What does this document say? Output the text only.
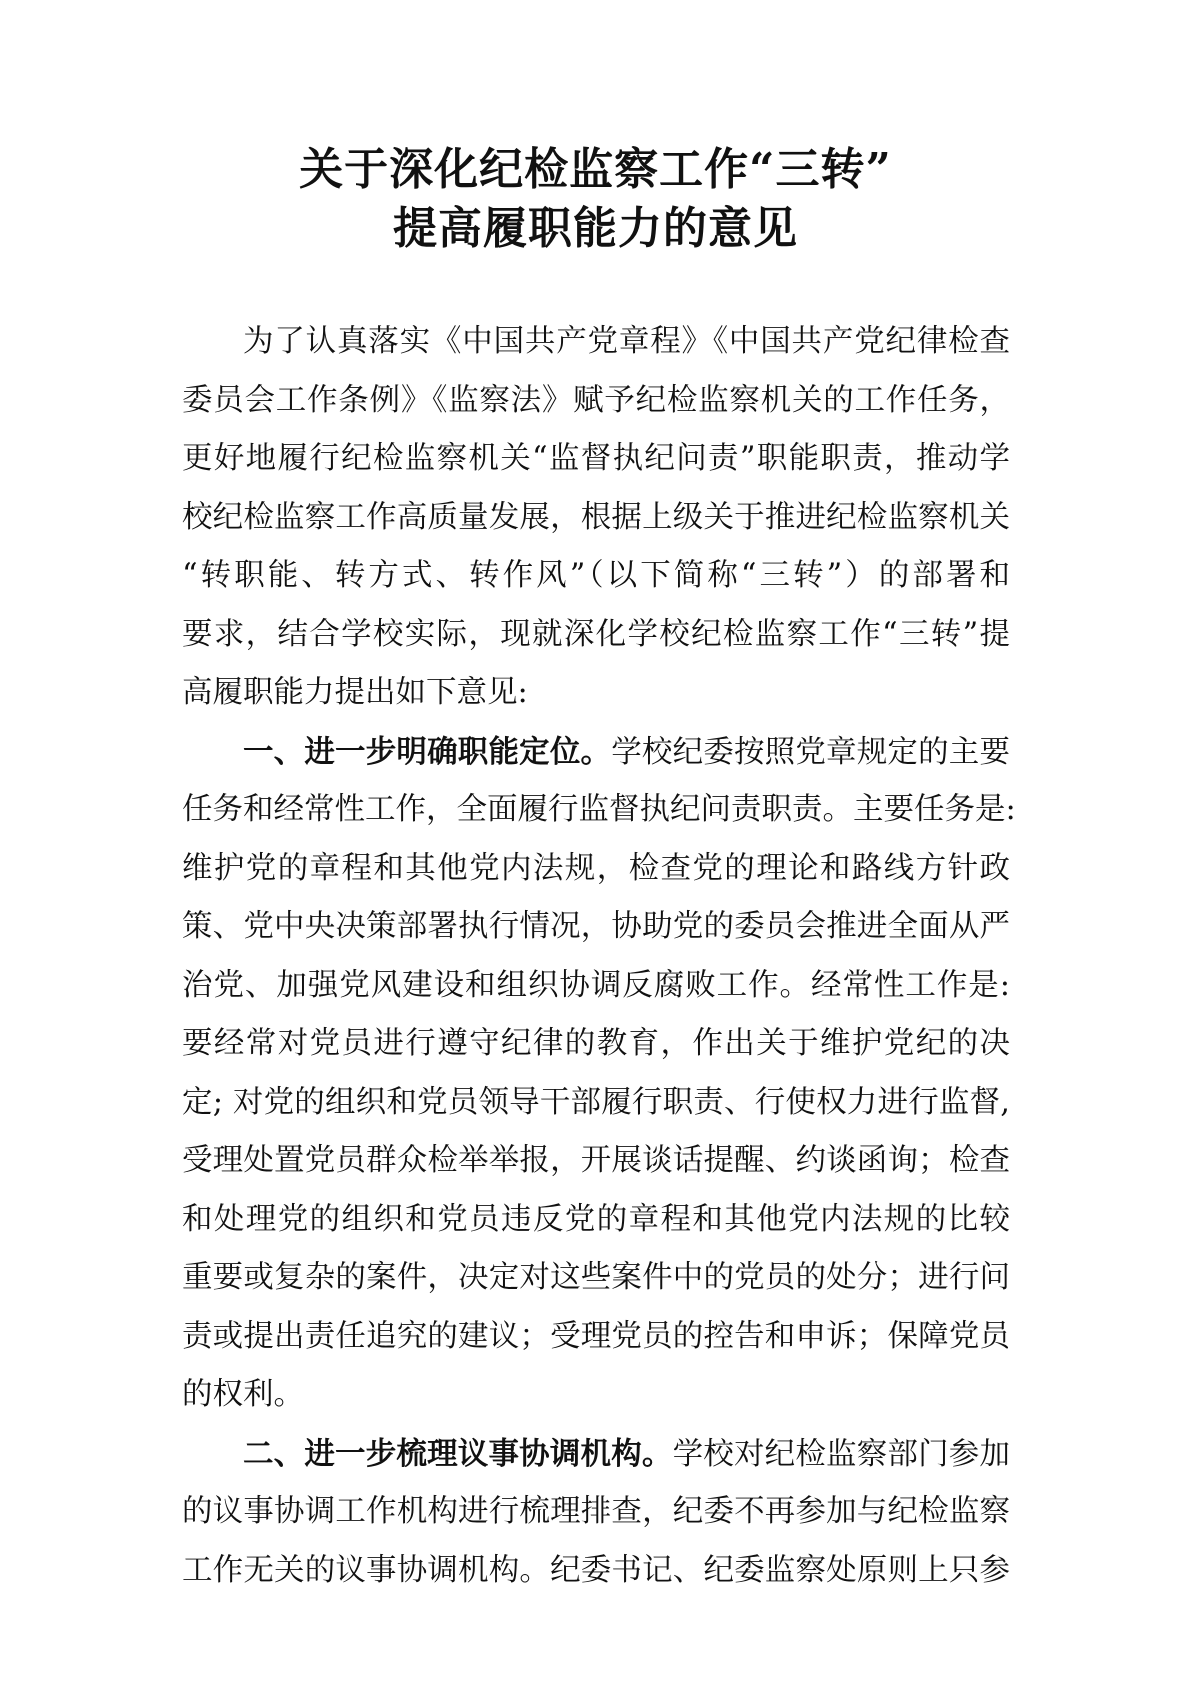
关于深化纪检监察工作“三转”
提高履职能力的意见
为了认真落实《中国共产党章程》《中国共产党纪律检查
委员会工作条例》《监察法》赋予纪检监察机关的工作任务，
更好地履行纪检监察机关“监督执纪问责”职能职责，推动学
校纪检监察工作高质量发展，根据上级关于推进纪检监察机关
“转职能、转方式、转作风”（以下简称“三转”）的部署和
要求，结合学校实际，现就深化学校纪检监察工作“三转”提
高履职能力提出如下意见:
一、进一步明确职能定位。学校纪委按照党章规定的主要
任务和经常性工作，全面履行监督执纪问责职责。主要任务是:
维护党的章程和其他党内法规，检查党的理论和路线方针政
策、党中央决策部署执行情况，协助党的委员会推进全面从严
治党、加强党风建设和组织协调反腐败工作。经常性工作是:
要经常对党员进行遵守纪律的教育，作出关于维护党纪的决
定; 对党的组织和党员领导干部履行职责、行使权力进行监督,
受理处置党员群众检举举报，开展谈话提醒、约谈函询；检查
和处理党的组织和党员违反党的章程和其他党内法规的比较
重要或复杂的案件，决定对这些案件中的党员的处分；进行问
责或提出责任追究的建议；受理党员的控告和申诉；保障党员
的权利。
二、进一步梳理议事协调机构。学校对纪检监察部门参加
的议事协调工作机构进行梳理排查，纪委不再参加与纪检监察
工作无关的议事协调机构。纪委书记、纪委监察处原则上只参
